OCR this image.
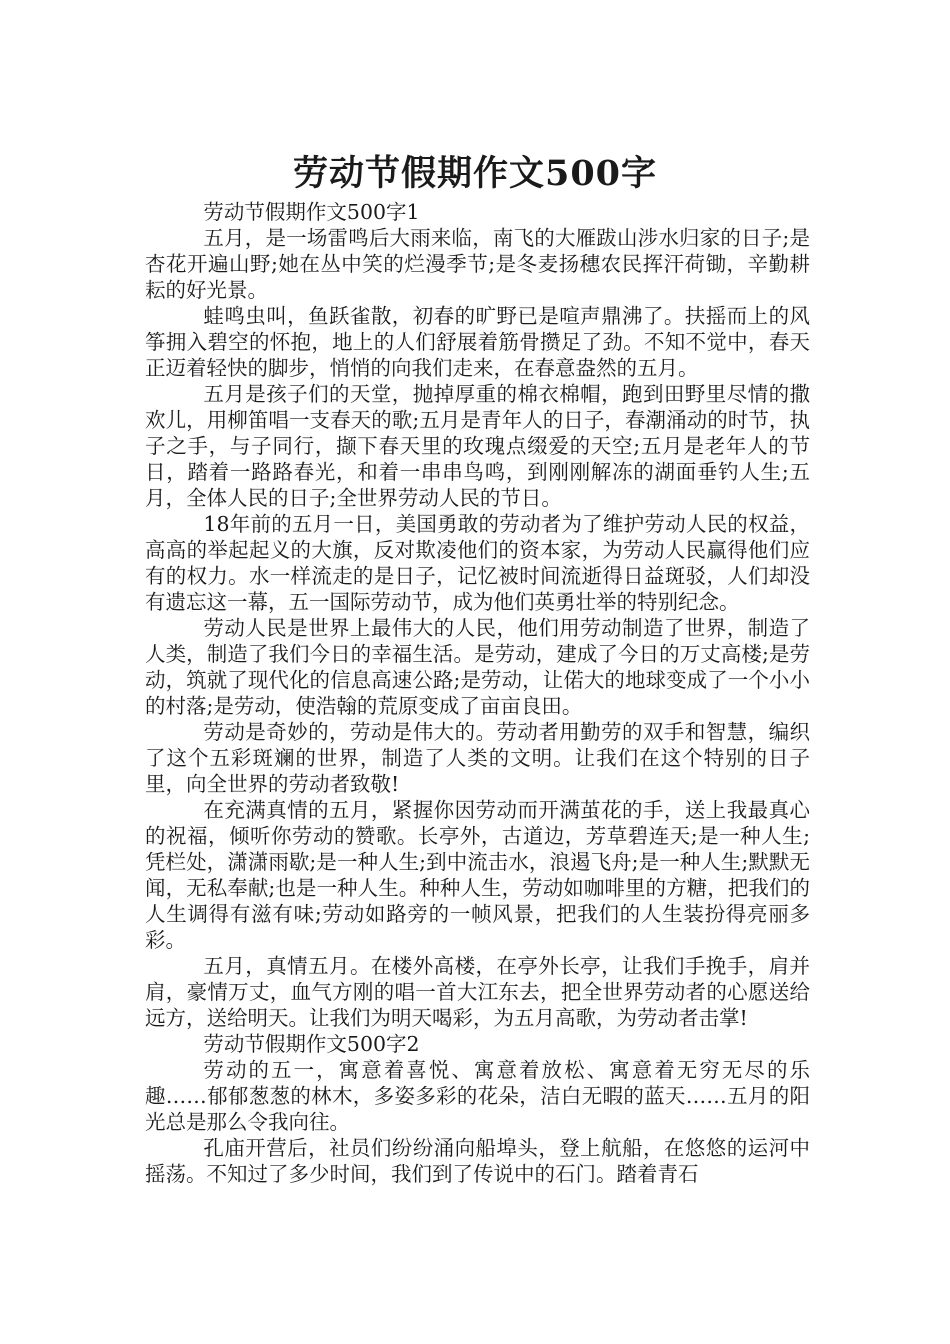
劳动节假期作文500字

劳动节假期作文500字1

五月，是一场雷鸣后大雨来临，南飞的大雁跋山涉水归家的日子;是杏花开遍山野;她在丛中笑的烂漫季节;是冬麦扬穗农民挥汗荷锄，辛勤耕耘的好光景。

蛙鸣虫叫，鱼跃雀散，初春的旷野已是喧声鼎沸了。扶摇而上的风筝拥入碧空的怀抱，地上的人们舒展着筋骨攒足了劲。不知不觉中，春天正迈着轻快的脚步，悄悄的向我们走来，在春意盎然的五月。

五月是孩子们的天堂，抛掉厚重的棉衣棉帽，跑到田野里尽情的撒欢儿，用柳笛唱一支春天的歌;五月是青年人的日子，春潮涌动的时节，执子之手，与子同行，撷下春天里的玫瑰点缀爱的天空;五月是老年人的节日，踏着一路路春光，和着一串串鸟鸣，到刚刚解冻的湖面垂钓人生;五月，全体人民的日子;全世界劳动人民的节日。

18年前的五月一日，美国勇敢的劳动者为了维护劳动人民的权益，高高的举起起义的大旗，反对欺凌他们的资本家，为劳动人民赢得他们应有的权力。水一样流走的是日子，记忆被时间流逝得日益斑驳，人们却没有遗忘这一幕，五一国际劳动节，成为他们英勇壮举的特别纪念。

劳动人民是世界上最伟大的人民，他们用劳动制造了世界，制造了人类，制造了我们今日的幸福生活。是劳动，建成了今日的万丈高楼;是劳动，筑就了现代化的信息高速公路;是劳动，让偌大的地球变成了一个小小的村落;是劳动，使浩翰的荒原变成了亩亩良田。

劳动是奇妙的，劳动是伟大的。劳动者用勤劳的双手和智慧，编织了这个五彩斑斓的世界，制造了人类的文明。让我们在这个特别的日子里，向全世界的劳动者致敬!

在充满真情的五月，紧握你因劳动而开满茧花的手，送上我最真心的祝福，倾听你劳动的赞歌。长亭外，古道边，芳草碧连天;是一种人生;凭栏处，潇潇雨歇;是一种人生;到中流击水，浪遏飞舟;是一种人生;默默无闻，无私奉献;也是一种人生。种种人生，劳动如咖啡里的方糖，把我们的人生调得有滋有味;劳动如路旁的一帧风景，把我们的人生装扮得亮丽多彩。

五月，真情五月。在楼外高楼，在亭外长亭，让我们手挽手，肩并肩，豪情万丈，血气方刚的唱一首大江东去，把全世界劳动者的心愿送给远方，送给明天。让我们为明天喝彩，为五月高歌，为劳动者击掌!

劳动节假期作文500字2

劳动的五一，寓意着喜悦、寓意着放松、寓意着无穷无尽的乐趣……郁郁葱葱的林木，多姿多彩的花朵，洁白无暇的蓝天……五月的阳光总是那么令我向往。

孔庙开营后，社员们纷纷涌向船埠头，登上航船，在悠悠的运河中摇荡。不知过了多少时间，我们到了传说中的石门。踏着青石
